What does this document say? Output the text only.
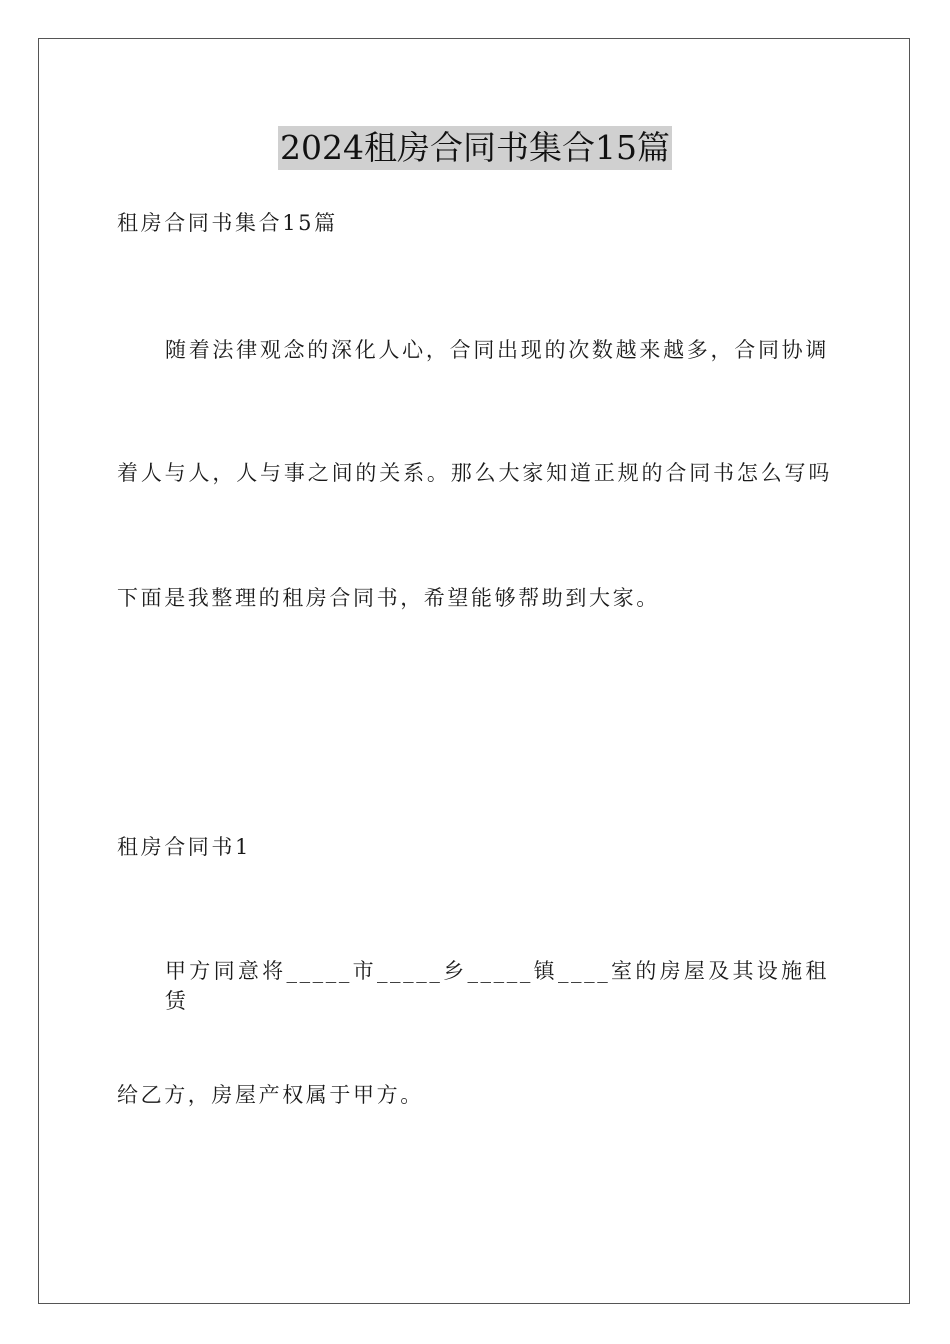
2024租房合同书集合15篇
租房合同书集合15篇
随着法律观念的深化人心，合同出现的次数越来越多，合同协调
着人与人，人与事之间的关系。那么大家知道正规的合同书怎么写吗
下面是我整理的租房合同书，希望能够帮助到大家。
租房合同书1
甲方同意将_____市_____乡_____镇____室的房屋及其设施租赁
给乙方，房屋产权属于甲方。
